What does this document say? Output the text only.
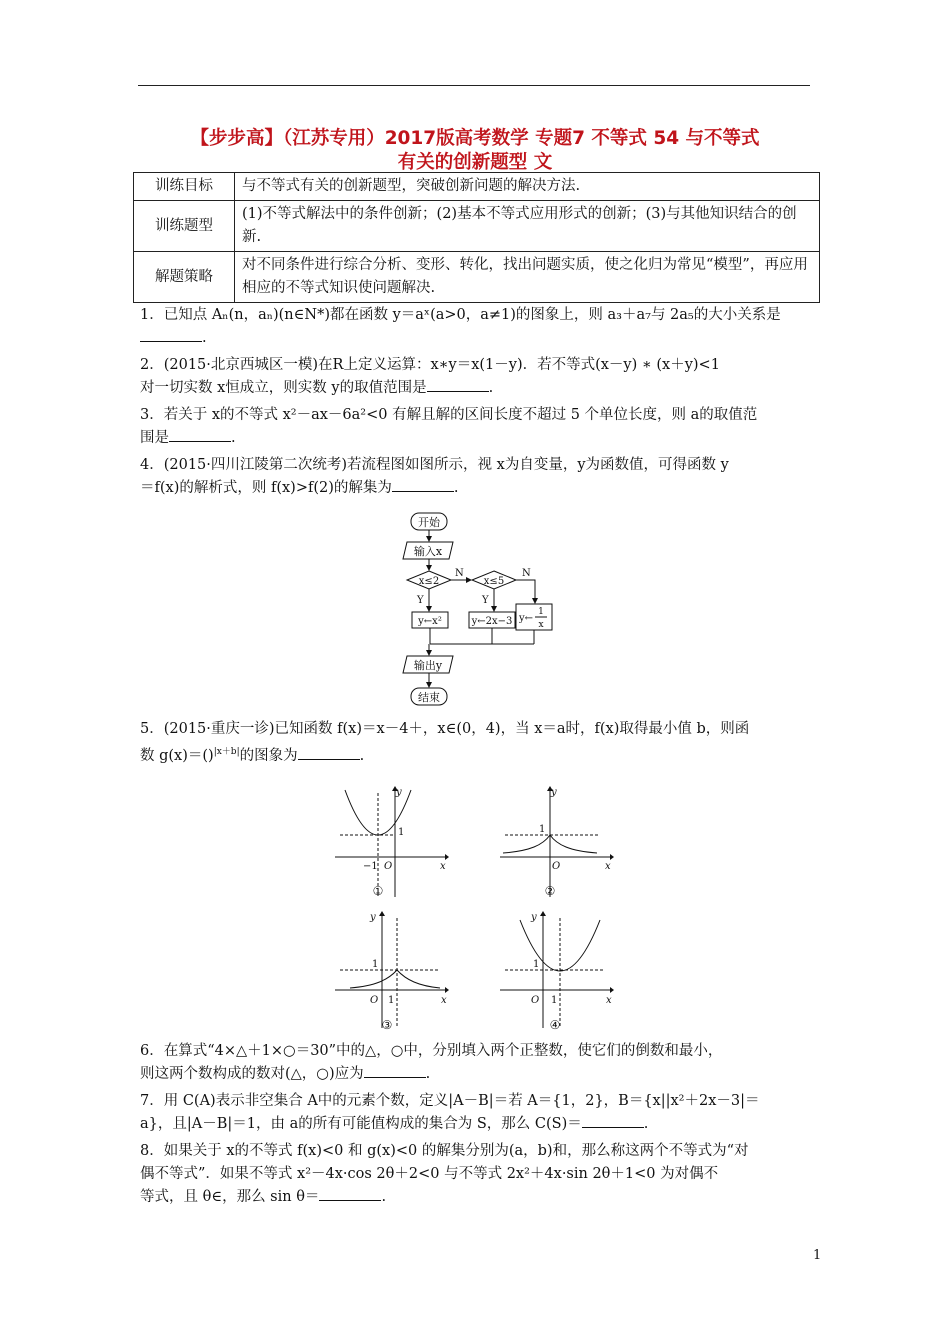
【步步高】（江苏专用）2017版高考数学 专题7 不等式 54 与不等式
有关的创新题型 文
训练目标	与不等式有关的创新题型，突破创新问题的解决方法.
训练题型	(1)不等式解法中的条件创新；(2)基本不等式应用形式的创新；(3)与其他知识结合的创新.
解题策略	对不同条件进行综合分析、变形、转化，找出问题实质，使之化归为常见“模型”，再应用相应的不等式知识使问题解决.
1．已知点 Aₙ(n，aₙ)(n∈N*)都在函数 y＝aˣ(a>0，a≠1)的图象上，则 a₃＋a₇与 2a₅的大小关系是
.
2．(2015·北京西城区一模)在R上定义运算：x∗y＝x(1－y)．若不等式(x－y) ∗ (x＋y)<1
对一切实数 x恒成立，则实数 y的取值范围是	.
3．若关于 x的不等式 x²－ax－6a²<0 有解且解的区间长度不超过 5 个单位长度，则 a的取值范
围是	.
4．(2015·四川江陵第二次统考)若流程图如图所示，视 x为自变量，y为函数值，可得函数 y
＝f(x)的解析式，则 f(x)>f(2)的解集为	.
开始
输入x
x≤2
N
x≤5
N
Y	Y
y←x²	y←2x−3 y←
1
x
输出y
结束
5．(2015·重庆一诊)已知函数 f(x)＝x－4＋，x∈(0，4)，当 x＝a时，f(x)取得最小值 b，则函
数 g(x)＝()$^{|x+b|}$的图象为	.
y
x
O
−1
1
①
y
x
O
1
②
y
x
O 1
1
③
y
x
O 1
1
④
6．在算式“4×△＋1×○＝30”中的△，○中，分别填入两个正整数，使它们的倒数和最小，
则这两个数构成的数对(△，○)应为	.
7．用 C(A)表示非空集合 A中的元素个数，定义|A－B|＝若 A＝{1，2}，B＝{x||x²＋2x－3|＝
a}，且|A－B|＝1，由 a的所有可能值构成的集合为 S，那么 C(S)＝	.
8．如果关于 x的不等式 f(x)<0 和 g(x)<0 的解集分别为(a，b)和，那么称这两个不等式为“对
偶不等式”．如果不等式 x²－4x·cos 2θ＋2<0 与不等式 2x²＋4x·sin 2θ＋1<0 为对偶不
等式，且 θ∈，那么 sin θ＝	.
1
